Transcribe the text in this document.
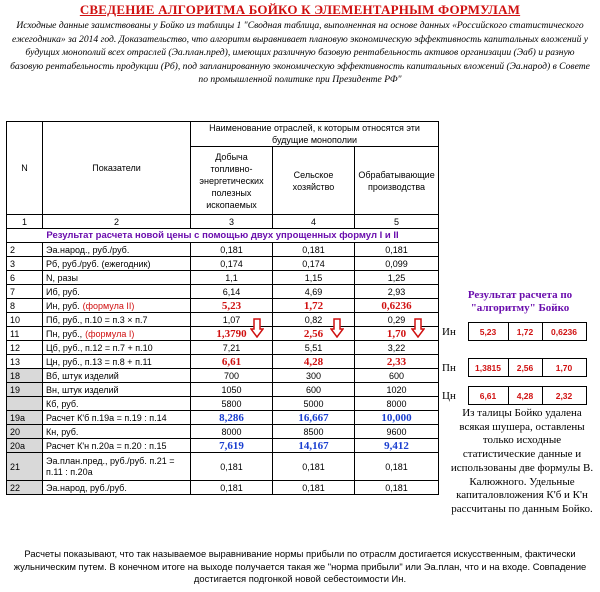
СВЕДЕНИЕ АЛГОРИТМА БОЙКО К ЭЛЕМЕНТАРНЫМ ФОРМУЛАМ
Исходные данные заимствованы у Бойко из таблицы 1 "Сводная таблица, выполненная на основе данных «Российского статистического ежегодника» за 2014 год. Доказательство, что алгоритм выравнивает плановую экономическую эффективность капитальных вложений у будущих монополий всех отраслей (Эа.план.пред), имеющих различную базовую рентабельность активов организации (Эаб) и разную базовую рентабельность продукции (Рб), под запланированную экономическую эффективность капитальных вложений (Эа.народ) в Совете по промышленной политике при Президенте РФ"
N	Показатели	Наименование отраслей, к которым относятся эти будущие монополии		
		Добыча топливно-энергетических полезных ископаемых	Сельское хозяйство	Обрабатывающие производства
1	2	3	4	5
Результат расчета новой цены с помощью двух упрощенных формул I и II				
2	Эа.народ., руб./руб.	0,181	0,181	0,181
3	Рб, руб./руб. (ежегодник)	0,174	0,174	0,099
6	N, разы	1,1	1,15	1,25
7	Иб, руб.	6,14	4,69	2,93
8	Ин, руб. (формула II)	5,23	1,72	0,6236
10	Пб, руб., п.10 = п.3 × п.7	1,07	0,82	0,29
11	Пн, руб., (формула I)	1,3790	2,56	1,70
12	Цб, руб., п.12 = п.7 + п.10	7,21	5,51	3,22
13	Цн, руб., п.13 = п.8 + п.11	6,61	4,28	2,33
18	Вб, штук изделий	700	300	600
19	Вн, штук изделий	1050	600	1020
	Кб, руб.	5800	5000	8000
19a	Расчет К'б п.19а = п.19 : п.14	8,286	16,667	10,000
20	Кн, руб.	8000	8500	9600
20a	Расчет К'н п.20а = п.20 : п.15	7,619	14,167	9,412
21	Эа.план.пред., руб./руб. п.21 = п.11 : п.20а	0,181	0,181	0,181
22	Эа.народ, руб./руб.	0,181	0,181	0,181
Результат расчета по "алгоритму" Бойко
Ин	5,23	1,72	0,6236
Пн	1,3815	2,56	1,70
Цн	6,61	4,28	2,32
Из талицы Бойко удалена всякая шушера, оставлены только исходные статистические данные и использованы две формулы В. Калюжного. Удельные капиталовложения К'б и К'н рассчитаны по данным Бойко.
Расчеты показывают, что так называемое выравнивание нормы прибыли по отраслм достигается искусственным, фактически жульническим путем. В конечном итоге на выходе получается такая же "норма прибыли" или Эа.план, что и на входе. Совпадение достигается подгонкой новой себестоимости Ин.
